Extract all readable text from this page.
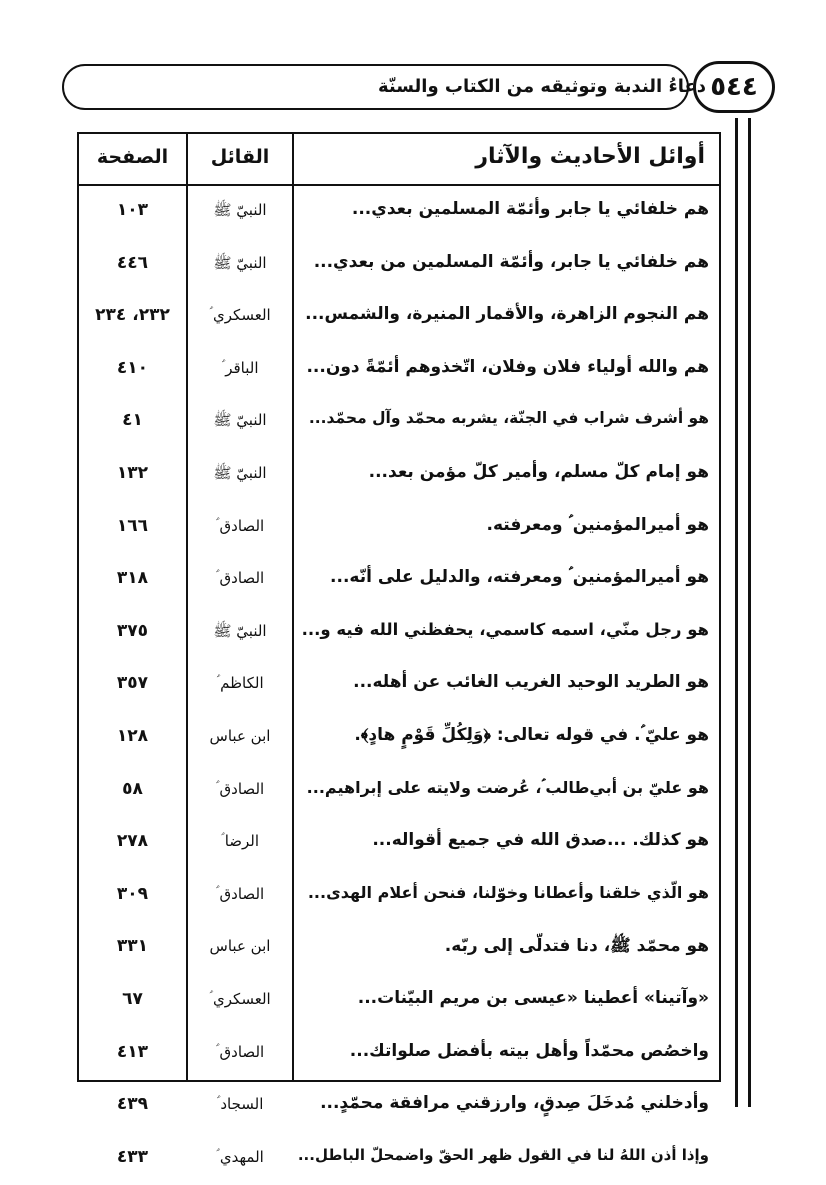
دعاءُ الندبة وتوثيقه من الكتاب والسنّة ٥٤٤
الصفحة	القائل	أوائل الأحاديث والآثار
١٠٣	النبيّ ﷺ	هم خلفائي يا جابر وأئمّة المسلمين بعدي...
٤٤٦	النبيّ ﷺ	هم خلفائي يا جابر، وأئمّة المسلمين من بعدي...
٢٣٢، ٢٣٤	العسكري ؑ	هم النجوم الزاهرة، والأقمار المنيرة، والشمس...
٤١٠	الباقر ؑ	هم والله أولياء فلان وفلان، اتّخذوهم أئمّةً دون...
٤١	النبيّ ﷺ	هو أشرف شراب في الجنّة، يشربه محمّد وآل محمّد...
١٣٢	النبيّ ﷺ	هو إمام كلّ مسلم، وأمير كلّ مؤمن بعد...
١٦٦	الصادق ؑ	هو أميرالمؤمنين ؑ ومعرفته.
٣١٨	الصادق ؑ	هو أميرالمؤمنين ؑ ومعرفته، والدليل على أنّه...
٣٧٥	النبيّ ﷺ	هو رجل منّي، اسمه كاسمي، يحفظني الله فيه و...
٣٥٧	الكاظم ؑ	هو الطريد الوحيد الغريب الغائب عن أهله...
١٢٨	ابن عباس	هو عليّ ؑ. في قوله تعالى: ﴿وَلِكُلِّ قَوْمٍ هادٍ﴾.
٥٨	الصادق ؑ	هو عليّ بن أبي‌طالب ؑ، عُرضت ولايته على إبراهيم...
٢٧٨	الرضا ؑ	هو كذلك. ...صدق الله في جميع أقواله...
٣٠٩	الصادق ؑ	هو الّذي خلقنا وأعطانا وخوّلنا، فنحن أعلام الهدى...
٣٣١	ابن عباس	هو محمّد ﷺ، دنا فتدلّى إلى ربّه.
٦٧	العسكري ؑ	«وآتينا» أعطينا «عيسى بن مريم البيّنات...
٤١٣	الصادق ؑ	واخصُص محمّداً وأهل بيته بأفضل صلواتك...
٤٣٩	السجاد ؑ	وأدخلني مُدخَلَ صِدقٍ، وارزقني مرافقة محمّدٍ...
٤٣٣	المهدي ؑ	وإذا أذن اللهُ لنا في القول ظهر الحقّ واضمحلّ الباطل...
